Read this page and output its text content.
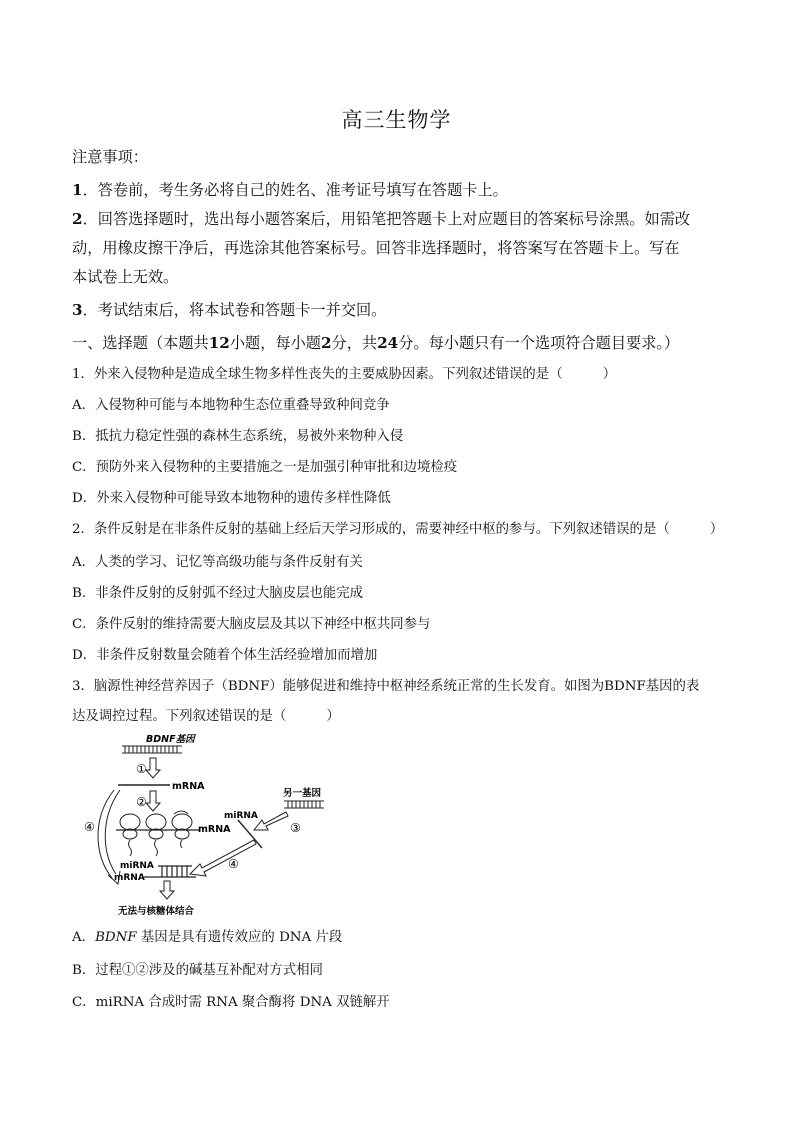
高三生物学
注意事项：
1．答卷前，考生务必将自己的姓名、准考证号填写在答题卡上。
2．回答选择题时，选出每小题答案后，用铅笔把答题卡上对应题目的答案标号涂黑。如需改
动，用橡皮擦干净后，再选涂其他答案标号。回答非选择题时，将答案写在答题卡上。写在
本试卷上无效。
3．考试结束后，将本试卷和答题卡一并交回。
一、选择题（本题共12小题，每小题2分，共24分。每小题只有一个选项符合题目要求。）
1．外来入侵物种是造成全球生物多样性丧失的主要威胁因素。下列叙述错误的是（　　　）
A．入侵物种可能与本地物种生态位重叠导致种间竞争
B．抵抗力稳定性强的森林生态系统，易被外来物种入侵
C．预防外来入侵物种的主要措施之一是加强引种审批和边境检疫
D．外来入侵物种可能导致本地物种的遗传多样性降低
2．条件反射是在非条件反射的基础上经后天学习形成的，需要神经中枢的参与。下列叙述错误的是（　　　）
A．人类的学习、记忆等高级功能与条件反射有关
B．非条件反射的反射弧不经过大脑皮层也能完成
C．条件反射的维持需要大脑皮层及其以下神经中枢共同参与
D．非条件反射数量会随着个体生活经验增加而增加
3．脑源性神经营养因子（BDNF）能够促进和维持中枢神经系统正常的生长发育。如图为BDNF基因的表
达及调控过程。下列叙述错误的是（　　　）
BDNF基因
①
mRNA
②
mRNA
④
另一基因
③
miRNA
④
miRNA
mRNA
无法与核糖体结合
A．BDNF 基因是具有遗传效应的 DNA 片段
B．过程①②涉及的碱基互补配对方式相同
C．miRNA 合成时需 RNA 聚合酶将 DNA 双链解开
